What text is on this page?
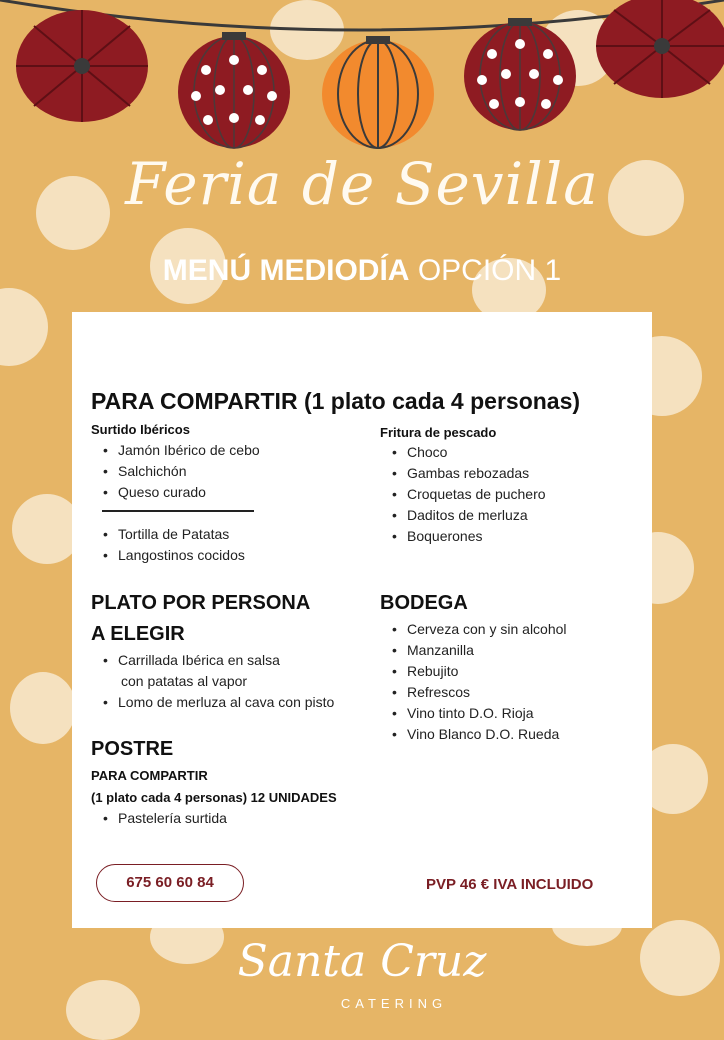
Feria de Sevilla
MENÚ MEDIODÍA OPCIÓN 1
PARA COMPARTIR (1 plato cada 4 personas)
Surtido Ibéricos
• Jamón Ibérico de cebo
• Salchichón
• Queso curado
• Tortilla de Patatas
• Langostinos cocidos
Fritura de pescado
• Choco
• Gambas rebozadas
• Croquetas de puchero
• Daditos de merluza
• Boquerones
PLATO POR PERSONA
A ELEGIR
• Carrillada Ibérica en salsa
con patatas al vapor
• Lomo de merluza al cava con pisto
BODEGA
• Cerveza con y sin alcohol
• Manzanilla
• Rebujito
• Refrescos
• Vino tinto D.O. Rioja
• Vino Blanco D.O. Rueda
POSTRE
PARA COMPARTIR
(1 plato cada 4 personas) 12 UNIDADES
• Pastelería surtida
675 60 60 84	PVP 46 € IVA INCLUIDO
Santa Cruz
CATERING
